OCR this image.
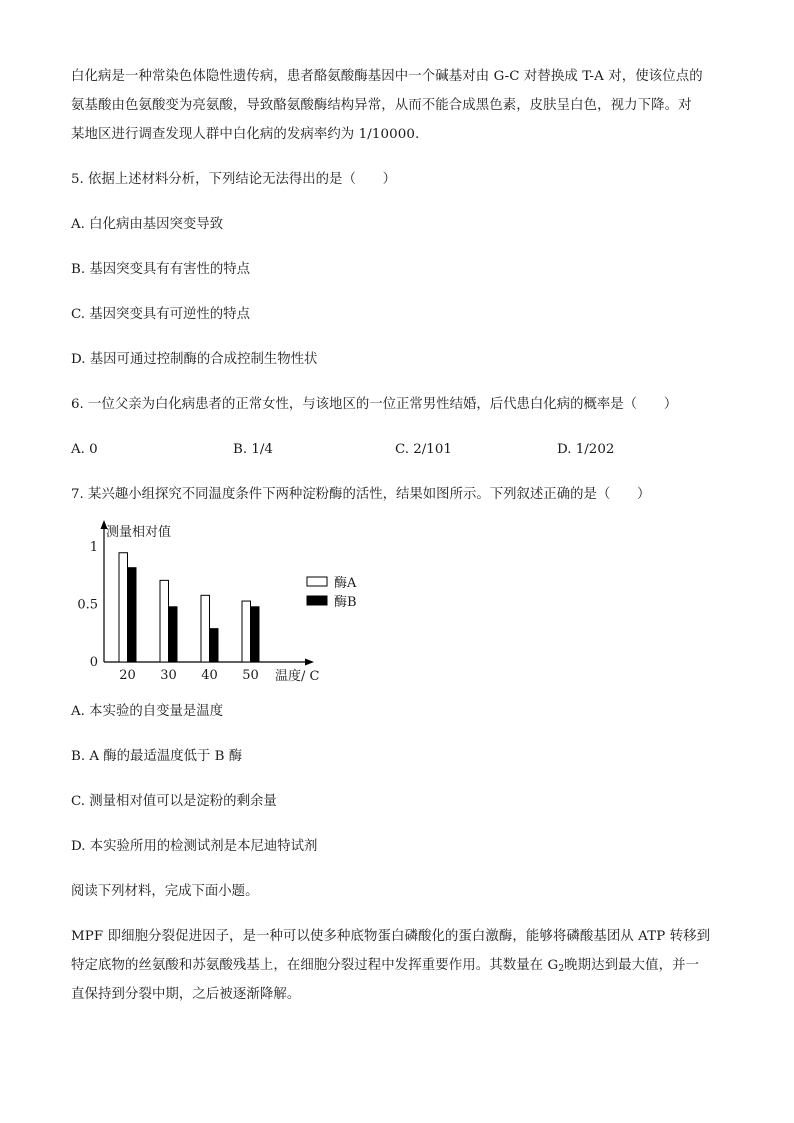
白化病是一种常染色体隐性遗传病，患者酪氨酸酶基因中一个碱基对由 G-C 对替换成 T-A 对，使该位点的
氨基酸由色氨酸变为亮氨酸，导致酪氨酸酶结构异常，从而不能合成黑色素，皮肤呈白色，视力下降。对
某地区进行调查发现人群中白化病的发病率约为 1/10000.
5. 依据上述材料分析，下列结论无法得出的是（　　）
A. 白化病由基因突变导致
B. 基因突变具有有害性的特点
C. 基因突变具有可逆性的特点
D. 基因可通过控制酶的合成控制生物性状
6. 一位父亲为白化病患者的正常女性，与该地区的一位正常男性结婚，后代患白化病的概率是（　　）
A. 0	B. 1/4	C. 2/101	D. 1/202
7. 某兴趣小组探究不同温度条件下两种淀粉酶的活性，结果如图所示。下列叙述正确的是（　　）
测量相对值
0
0.5
1
20 30 40 50 温度/ C
酶A
酶B
A. 本实验的自变量是温度
B. A 酶的最适温度低于 B 酶
C. 测量相对值可以是淀粉的剩余量
D. 本实验所用的检测试剂是本尼迪特试剂
阅读下列材料，完成下面小题。
MPF 即细胞分裂促进因子，是一种可以使多种底物蛋白磷酸化的蛋白激酶，能够将磷酸基团从 ATP 转移到
特定底物的丝氨酸和苏氨酸残基上，在细胞分裂过程中发挥重要作用。其数量在 $G_2$晚期达到最大值，并一
直保持到分裂中期，之后被逐渐降解。
